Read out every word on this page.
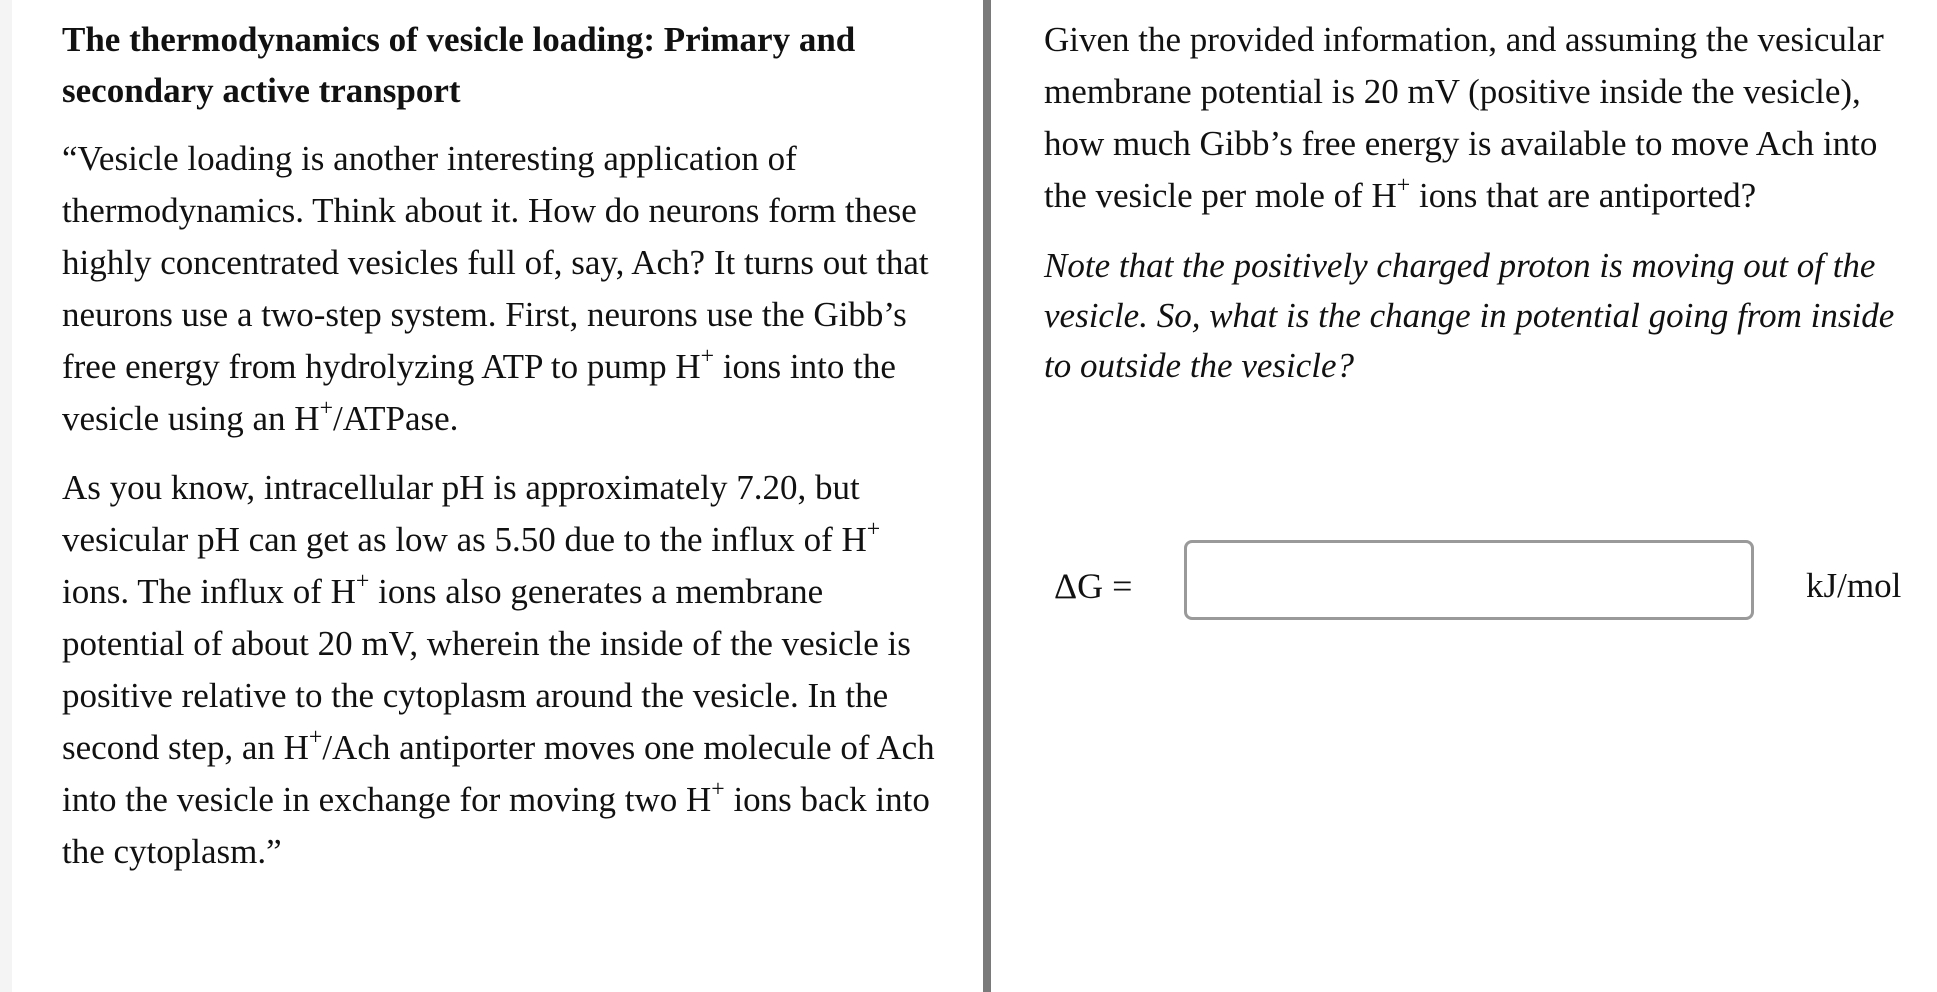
The thermodynamics of vesicle loading: Primary and
secondary active transport

“Vesicle loading is another interesting application of thermodynamics. Think about it. How do neurons form these highly concentrated vesicles full of, say, Ach? It turns out that neurons use a two-step system. First, neurons use the Gibb’s free energy from hydrolyzing ATP to pump H+ ions into the vesicle using an H+/ATPase.

As you know, intracellular pH is approximately 7.20, but vesicular pH can get as low as 5.50 due to the influx of H+ ions. The influx of H+ ions also generates a membrane potential of about 20 mV, wherein the inside of the vesicle is positive relative to the cytoplasm around the vesicle. In the second step, an H+/Ach antiporter moves one molecule of Ach into the vesicle in exchange for moving two H+ ions back into the cytoplasm.”

Given the provided information, and assuming the vesicular membrane potential is 20 mV (positive inside the vesicle), how much Gibb’s free energy is available to move Ach into the vesicle per mole of H+ ions that are antiported?

Note that the positively charged proton is moving out of the vesicle. So, what is the change in potential going from inside to outside the vesicle?

ΔG =	kJ/mol
